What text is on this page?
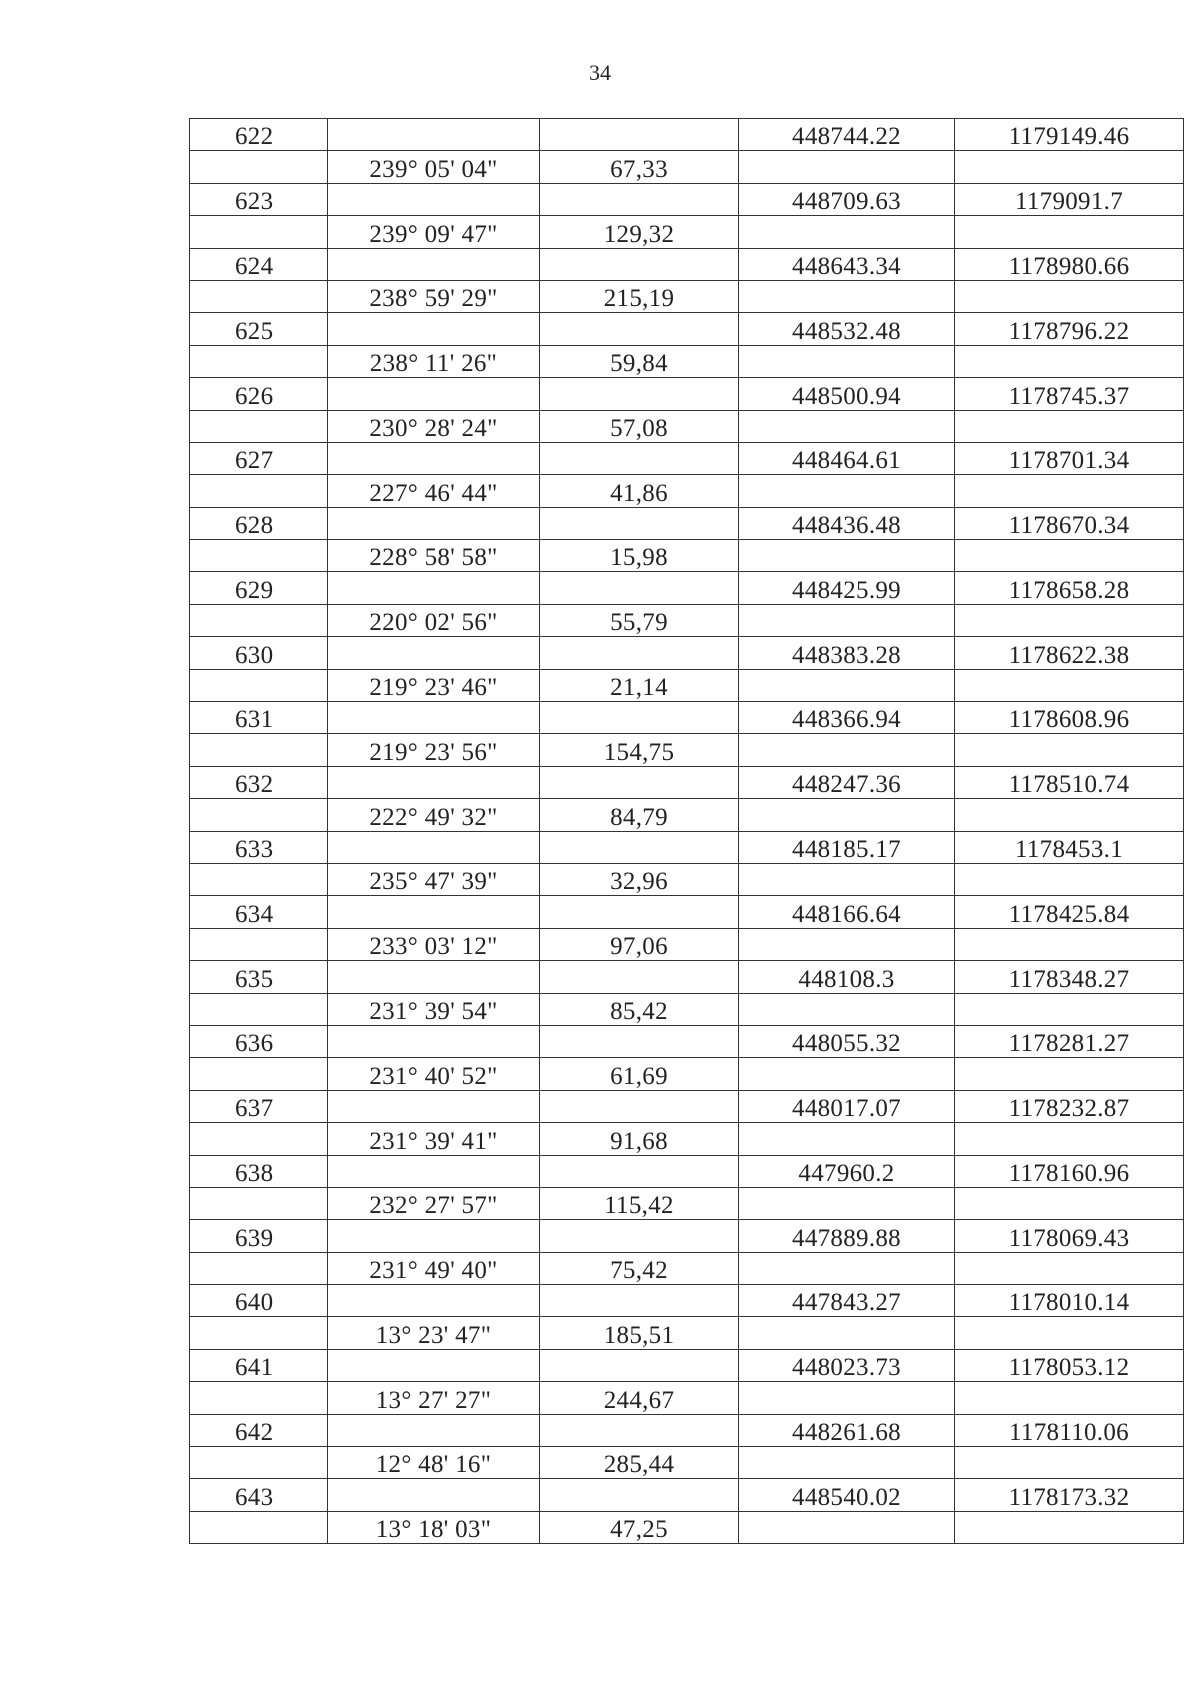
34
622			448744.22	1179149.46
	239° 05' 04"	67,33		
623			448709.63	1179091.7
	239° 09' 47"	129,32		
624			448643.34	1178980.66
	238° 59' 29"	215,19		
625			448532.48	1178796.22
	238° 11' 26"	59,84		
626			448500.94	1178745.37
	230° 28' 24"	57,08		
627			448464.61	1178701.34
	227° 46' 44"	41,86		
628			448436.48	1178670.34
	228° 58' 58"	15,98		
629			448425.99	1178658.28
	220° 02' 56"	55,79		
630			448383.28	1178622.38
	219° 23' 46"	21,14		
631			448366.94	1178608.96
	219° 23' 56"	154,75		
632			448247.36	1178510.74
	222° 49' 32"	84,79		
633			448185.17	1178453.1
	235° 47' 39"	32,96		
634			448166.64	1178425.84
	233° 03' 12"	97,06		
635			448108.3	1178348.27
	231° 39' 54"	85,42		
636			448055.32	1178281.27
	231° 40' 52"	61,69		
637			448017.07	1178232.87
	231° 39' 41"	91,68		
638			447960.2	1178160.96
	232° 27' 57"	115,42		
639			447889.88	1178069.43
	231° 49' 40"	75,42		
640			447843.27	1178010.14
	13° 23' 47"	185,51		
641			448023.73	1178053.12
	13° 27' 27"	244,67		
642			448261.68	1178110.06
	12° 48' 16"	285,44		
643			448540.02	1178173.32
	13° 18' 03"	47,25		
